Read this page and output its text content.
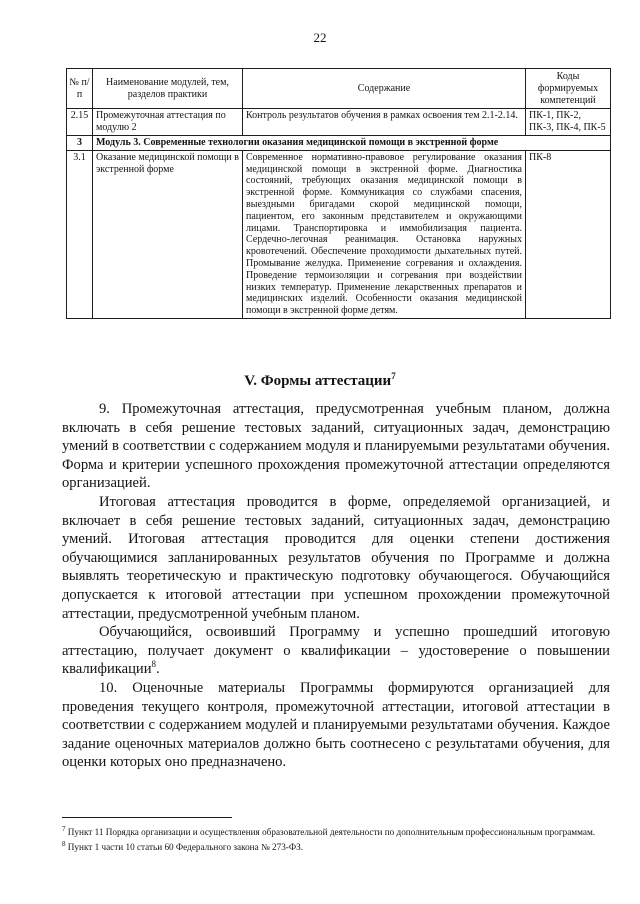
22
№ п/п	Наименование модулей, тем, разделов практики	Содержание	Коды формируемых компетенций
2.15	Промежуточная аттестация по модулю 2	Контроль результатов обучения в рамках освоения тем 2.1-2.14.	ПК-1, ПК-2, ПК-3, ПК-4, ПК-5
3	Модуль 3. Современные технологии оказания медицинской помощи в экстренной форме		
3.1	Оказание медицинской помощи в экстренной форме	Современное нормативно-правовое регулирование оказания медицинской помощи в экстренной форме. Диагностика состояний, требующих оказания медицинской помощи в экстренной форме. Коммуникация со службами спасения, выездными бригадами скорой медицинской помощи, пациентом, его законным представителем и окружающими лицами. Транспортировка и иммобилизация пациента. Сердечно-легочная реанимация. Остановка наружных кровотечений. Обеспечение проходимости дыхательных путей. Промывание желудка. Применение согревания и охлаждения. Проведение термоизоляции и согревания при воздействии низких температур. Применение лекарственных препаратов и медицинских изделий. Особенности оказания медицинской помощи в экстренной форме детям.	ПК-8
V. Формы аттестации$^7$

9. Промежуточная аттестация, предусмотренная учебным планом, должна включать в себя решение тестовых заданий, ситуационных задач, демонстрацию умений в соответствии с содержанием модуля и планируемыми результатами обучения. Форма и критерии успешного прохождения промежуточной аттестации определяются организацией.

Итоговая аттестация проводится в форме, определяемой организацией, и включает в себя решение тестовых заданий, ситуационных задач, демонстрацию умений. Итоговая аттестация проводится для оценки степени достижения обучающимися запланированных результатов обучения по Программе и должна выявлять теоретическую и практическую подготовку обучающегося. Обучающийся допускается к итоговой аттестации при успешном прохождении промежуточной аттестации, предусмотренной учебным планом.

Обучающийся, освоивший Программу и успешно прошедший итоговую аттестацию, получает документ о квалификации – удостоверение о повышении квалификации$^8$.

10. Оценочные материалы Программы формируются организацией для проведения текущего контроля, промежуточной аттестации, итоговой аттестации в соответствии с содержанием модулей и планируемыми результатами обучения. Каждое задание оценочных материалов должно быть соотнесено с результатами обучения, для оценки которых оно предназначено.

$^7$ Пункт 11 Порядка организации и осуществления образовательной деятельности по дополнительным профессиональным программам.

$^8$ Пункт 1 части 10 статьи 60 Федерального закона № 273-ФЗ.
